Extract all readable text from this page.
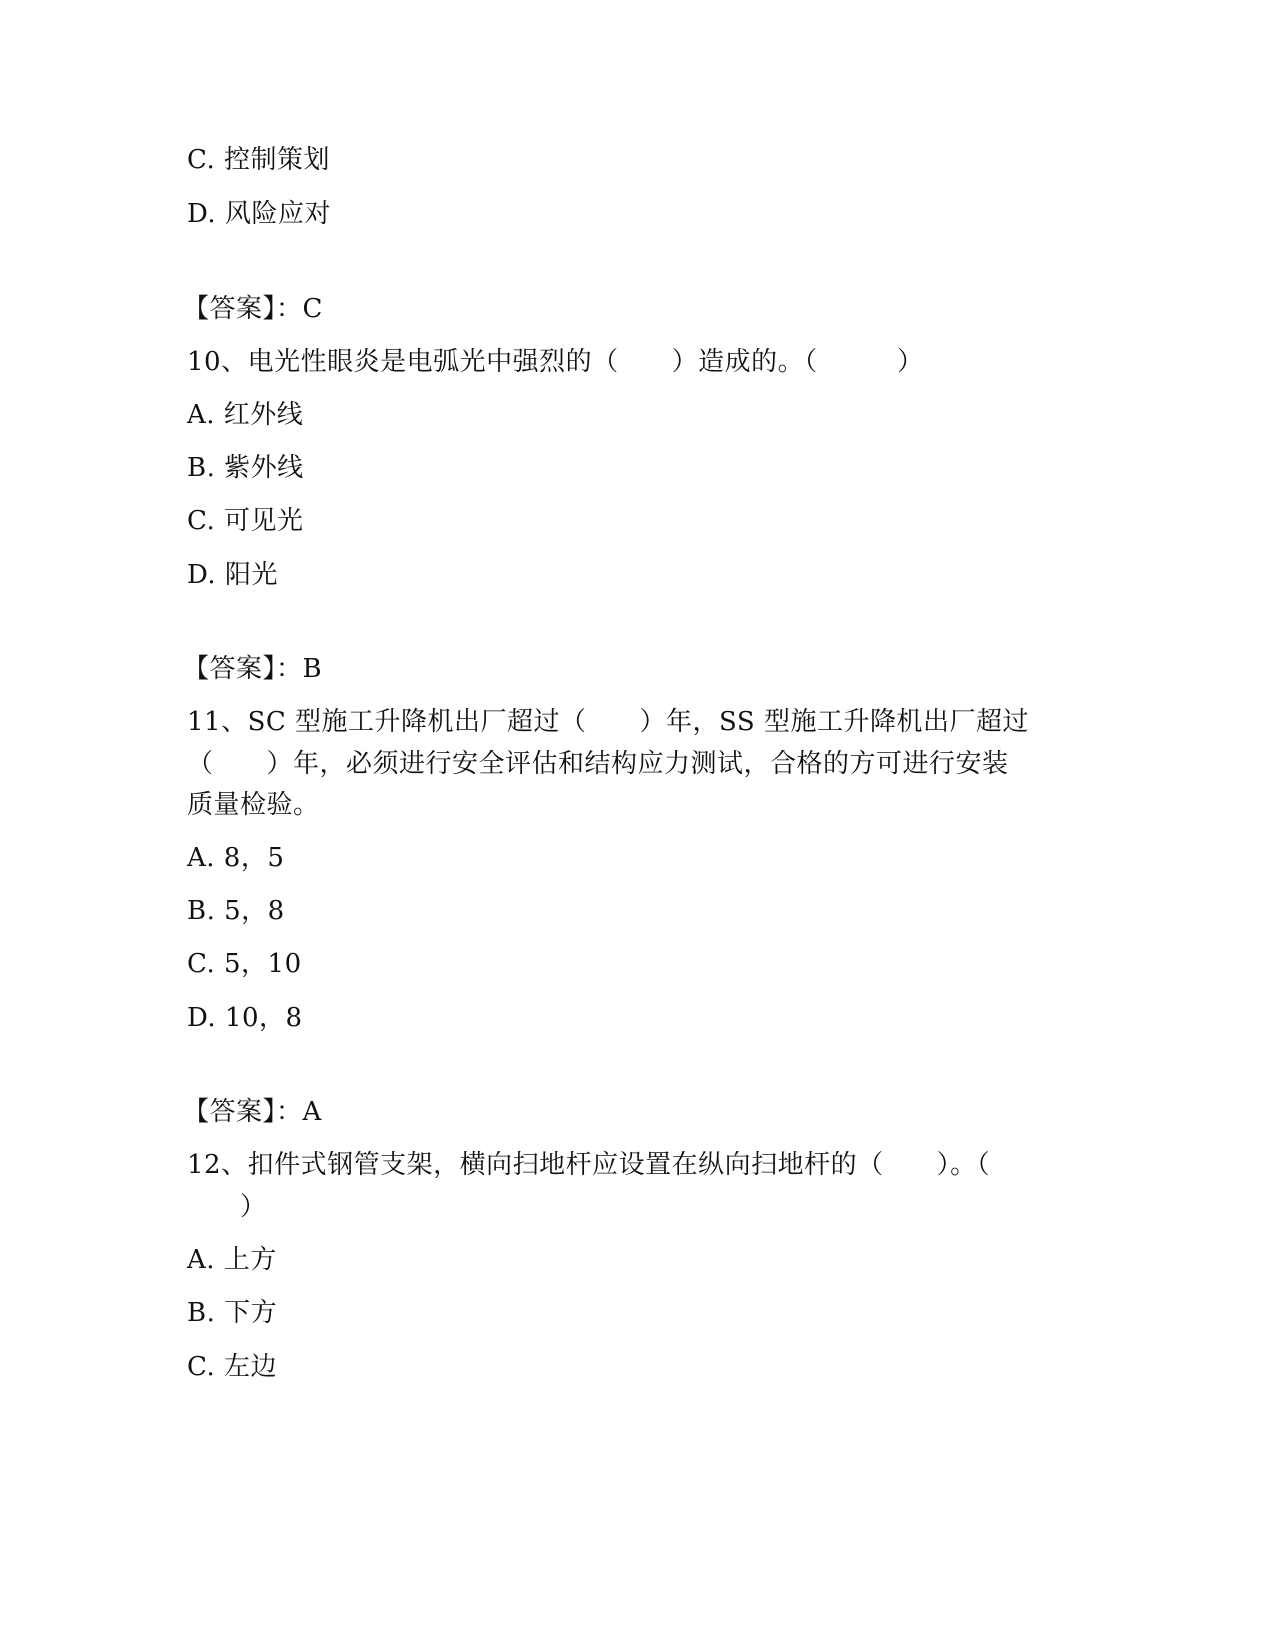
C. 控制策划
D. 风险应对
【答案】：C
10、电光性眼炎是电弧光中强烈的（　　）造成的。（　　　）
A. 红外线
B. 紫外线
C. 可见光
D. 阳光
【答案】：B
11、SC 型施工升降机出厂超过（　　）年，SS 型施工升降机出厂超过
（　　）年，必须进行安全评估和结构应力测试，合格的方可进行安装
质量检验。
A. 8，5
B. 5，8
C. 5，10
D. 10，8
【答案】：A
12、扣件式钢管支架，横向扫地杆应设置在纵向扫地杆的（　　）。（
　　）
A. 上方
B. 下方
C. 左边
